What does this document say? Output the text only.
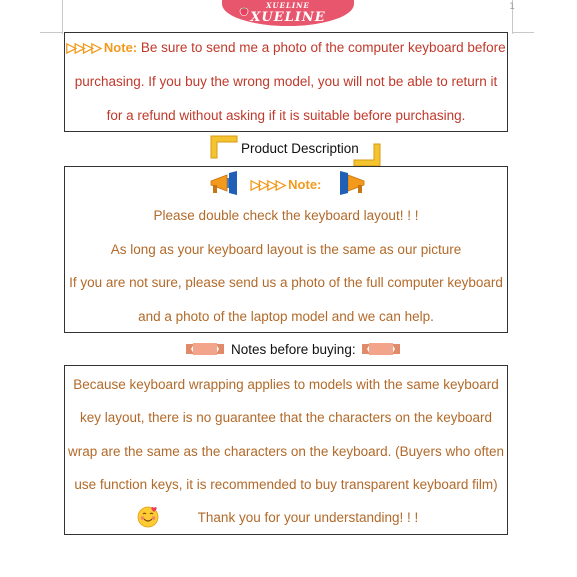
1
XUELINE
XUELINE
▷▷▷▷ Note: Be sure to send me a photo of the computer keyboard before
purchasing. If you buy the wrong model, you will not be able to return it
for a refund without asking if it is suitable before purchasing.
Product Description
▷▷▷▷ Note:
Please double check the keyboard layout! ! !
As long as your keyboard layout is the same as our picture
If you are not sure, please send us a photo of the full computer keyboard
and a photo of the laptop model and we can help.
Notes before buying:
Because keyboard wrapping applies to models with the same keyboard
key layout, there is no guarantee that the characters on the keyboard
wrap are the same as the characters on the keyboard. (Buyers who often
use function keys, it is recommended to buy transparent keyboard film)
Thank you for your understanding! ! !
